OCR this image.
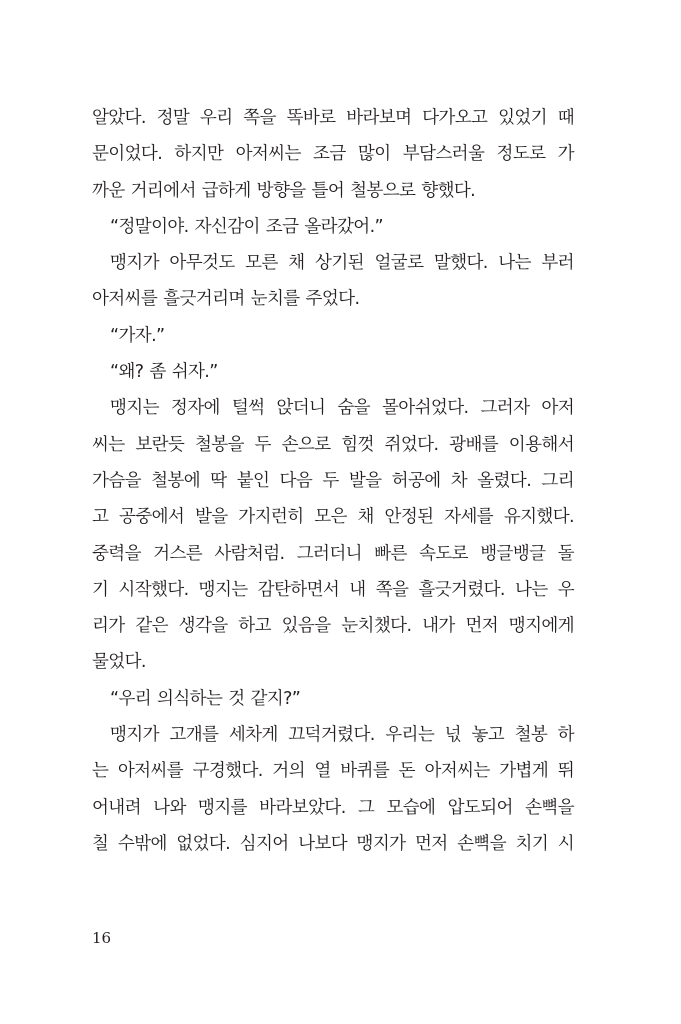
알았다. 정말 우리 쪽을 똑바로 바라보며 다가오고 있었기 때
문이었다. 하지만 아저씨는 조금 많이 부담스러울 정도로 가
까운 거리에서 급하게 방향을 틀어 철봉으로 향했다.
“정말이야. 자신감이 조금 올라갔어.”
맹지가 아무것도 모른 채 상기된 얼굴로 말했다. 나는 부러
아저씨를 흘긋거리며 눈치를 주었다.
“가자.”
“왜? 좀 쉬자.”
맹지는 정자에 털썩 앉더니 숨을 몰아쉬었다. 그러자 아저
씨는 보란듯 철봉을 두 손으로 힘껏 쥐었다. 광배를 이용해서
가슴을 철봉에 딱 붙인 다음 두 발을 허공에 차 올렸다. 그리
고 공중에서 발을 가지런히 모은 채 안정된 자세를 유지했다.
중력을 거스른 사람처럼. 그러더니 빠른 속도로 뱅글뱅글 돌
기 시작했다. 맹지는 감탄하면서 내 쪽을 흘긋거렸다. 나는 우
리가 같은 생각을 하고 있음을 눈치챘다. 내가 먼저 맹지에게
물었다.
“우리 의식하는 것 같지?”
맹지가 고개를 세차게 끄덕거렸다. 우리는 넋 놓고 철봉 하
는 아저씨를 구경했다. 거의 열 바퀴를 돈 아저씨는 가볍게 뛰
어내려 나와 맹지를 바라보았다. 그 모습에 압도되어 손뼉을
칠 수밖에 없었다. 심지어 나보다 맹지가 먼저 손뼉을 치기 시
16
